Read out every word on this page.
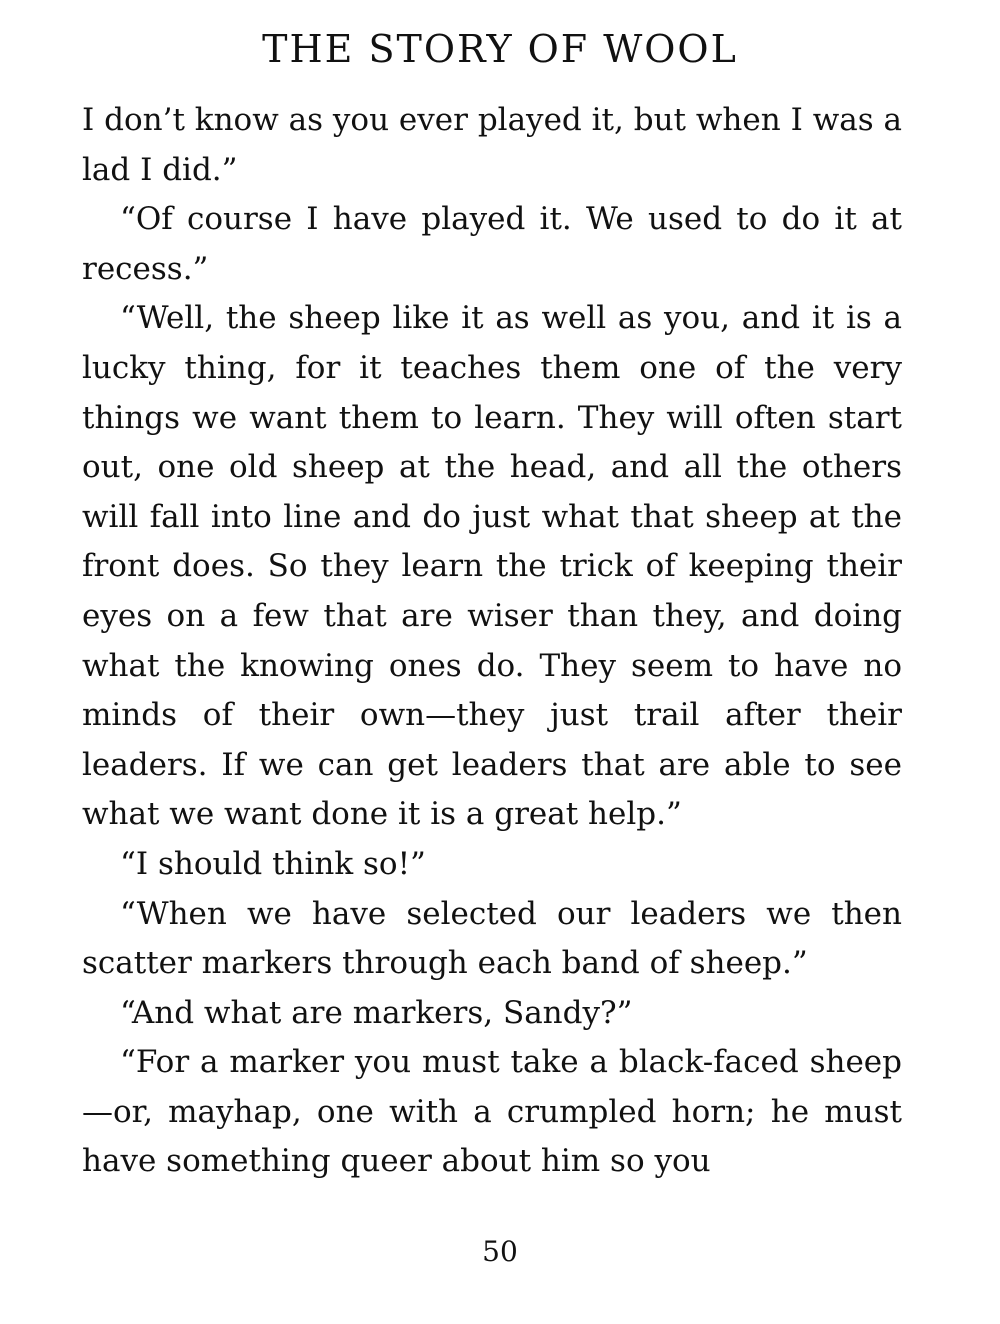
THE STORY OF WOOL

I don’t know as you ever played it, but when I was a lad I did.”

“Of course I have played it. We used to do it at recess.”

“Well, the sheep like it as well as you, and it is a lucky thing, for it teaches them one of the very things we want them to learn. They will often start out, one old sheep at the head, and all the others will fall into line and do just what that sheep at the front does. So they learn the trick of keeping their eyes on a few that are wiser than they, and doing what the knowing ones do. They seem to have no minds of their own—they just trail after their leaders. If we can get leaders that are able to see what we want done it is a great help.”

“I should think so!”

“When we have selected our leaders we then scatter markers through each band of sheep.”

“And what are markers, Sandy?”

“For a marker you must take a black-faced sheep—or, mayhap, one with a crumpled horn; he must have something queer about him so you

50
